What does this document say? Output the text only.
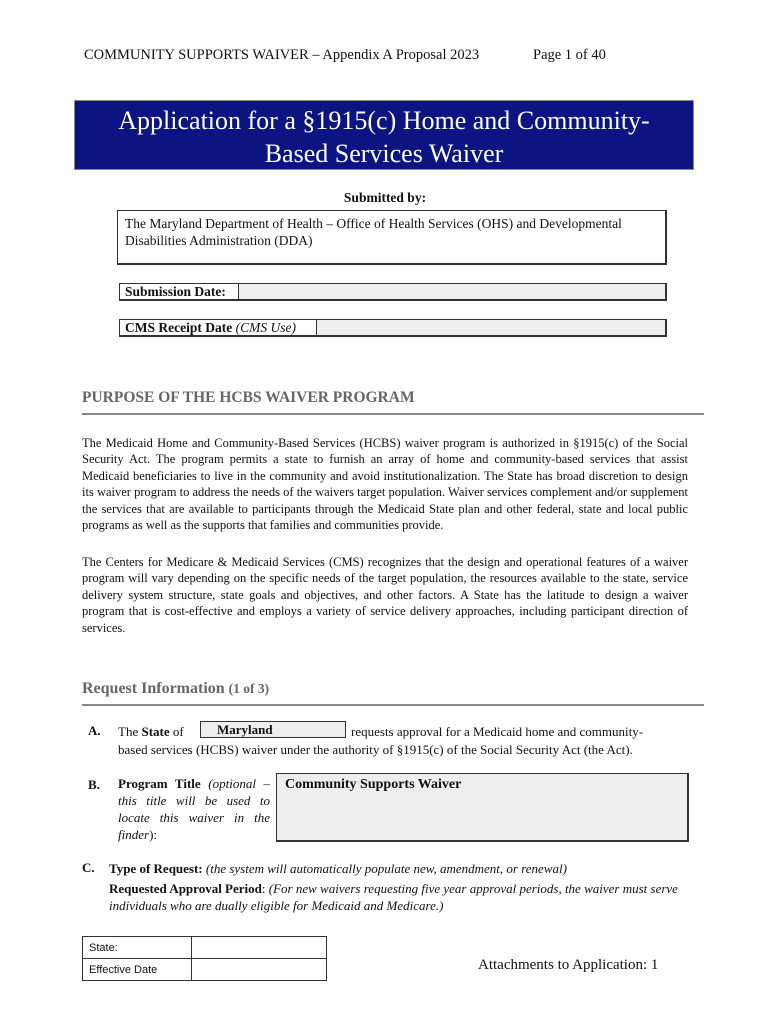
COMMUNITY SUPPORTS WAIVER – Appendix A Proposal 2023	Page 1 of 40
Application for a §1915(c) Home and Community-
Based Services Waiver
Submitted by:
The Maryland Department of Health – Office of Health Services (OHS) and Developmental Disabilities Administration (DDA)
Submission Date:
CMS Receipt Date (CMS Use)
PURPOSE OF THE HCBS WAIVER PROGRAM
The Medicaid Home and Community-Based Services (HCBS) waiver program is authorized in §1915(c) of the Social Security Act. The program permits a state to furnish an array of home and community-based services that assist Medicaid beneficiaries to live in the community and avoid institutionalization. The State has broad discretion to design its waiver program to address the needs of the waivers target population. Waiver services complement and/or supplement the services that are available to participants through the Medicaid State plan and other federal, state and local public programs as well as the supports that families and communities provide.
The Centers for Medicare & Medicaid Services (CMS) recognizes that the design and operational features of a waiver program will vary depending on the specific needs of the target population, the resources available to the state, service delivery system structure, state goals and objectives, and other factors. A State has the latitude to design a waiver program that is cost-effective and employs a variety of service delivery approaches, including participant direction of services.
Request Information (1 of 3)
A. The State of	Maryland	requests approval for a Medicaid home and community-
based services (HCBS) waiver under the authority of §1915(c) of the Social Security Act (the Act).
B. Program Title (optional – this title will be used to locate this waiver in the finder):
Community Supports Waiver
C. Type of Request: (the system will automatically populate new, amendment, or renewal)
Requested Approval Period: (For new waivers requesting five year approval periods, the waiver must serve individuals who are dually eligible for Medicaid and Medicare.)
State:	
Effective Date		Attachments to Application: 1
